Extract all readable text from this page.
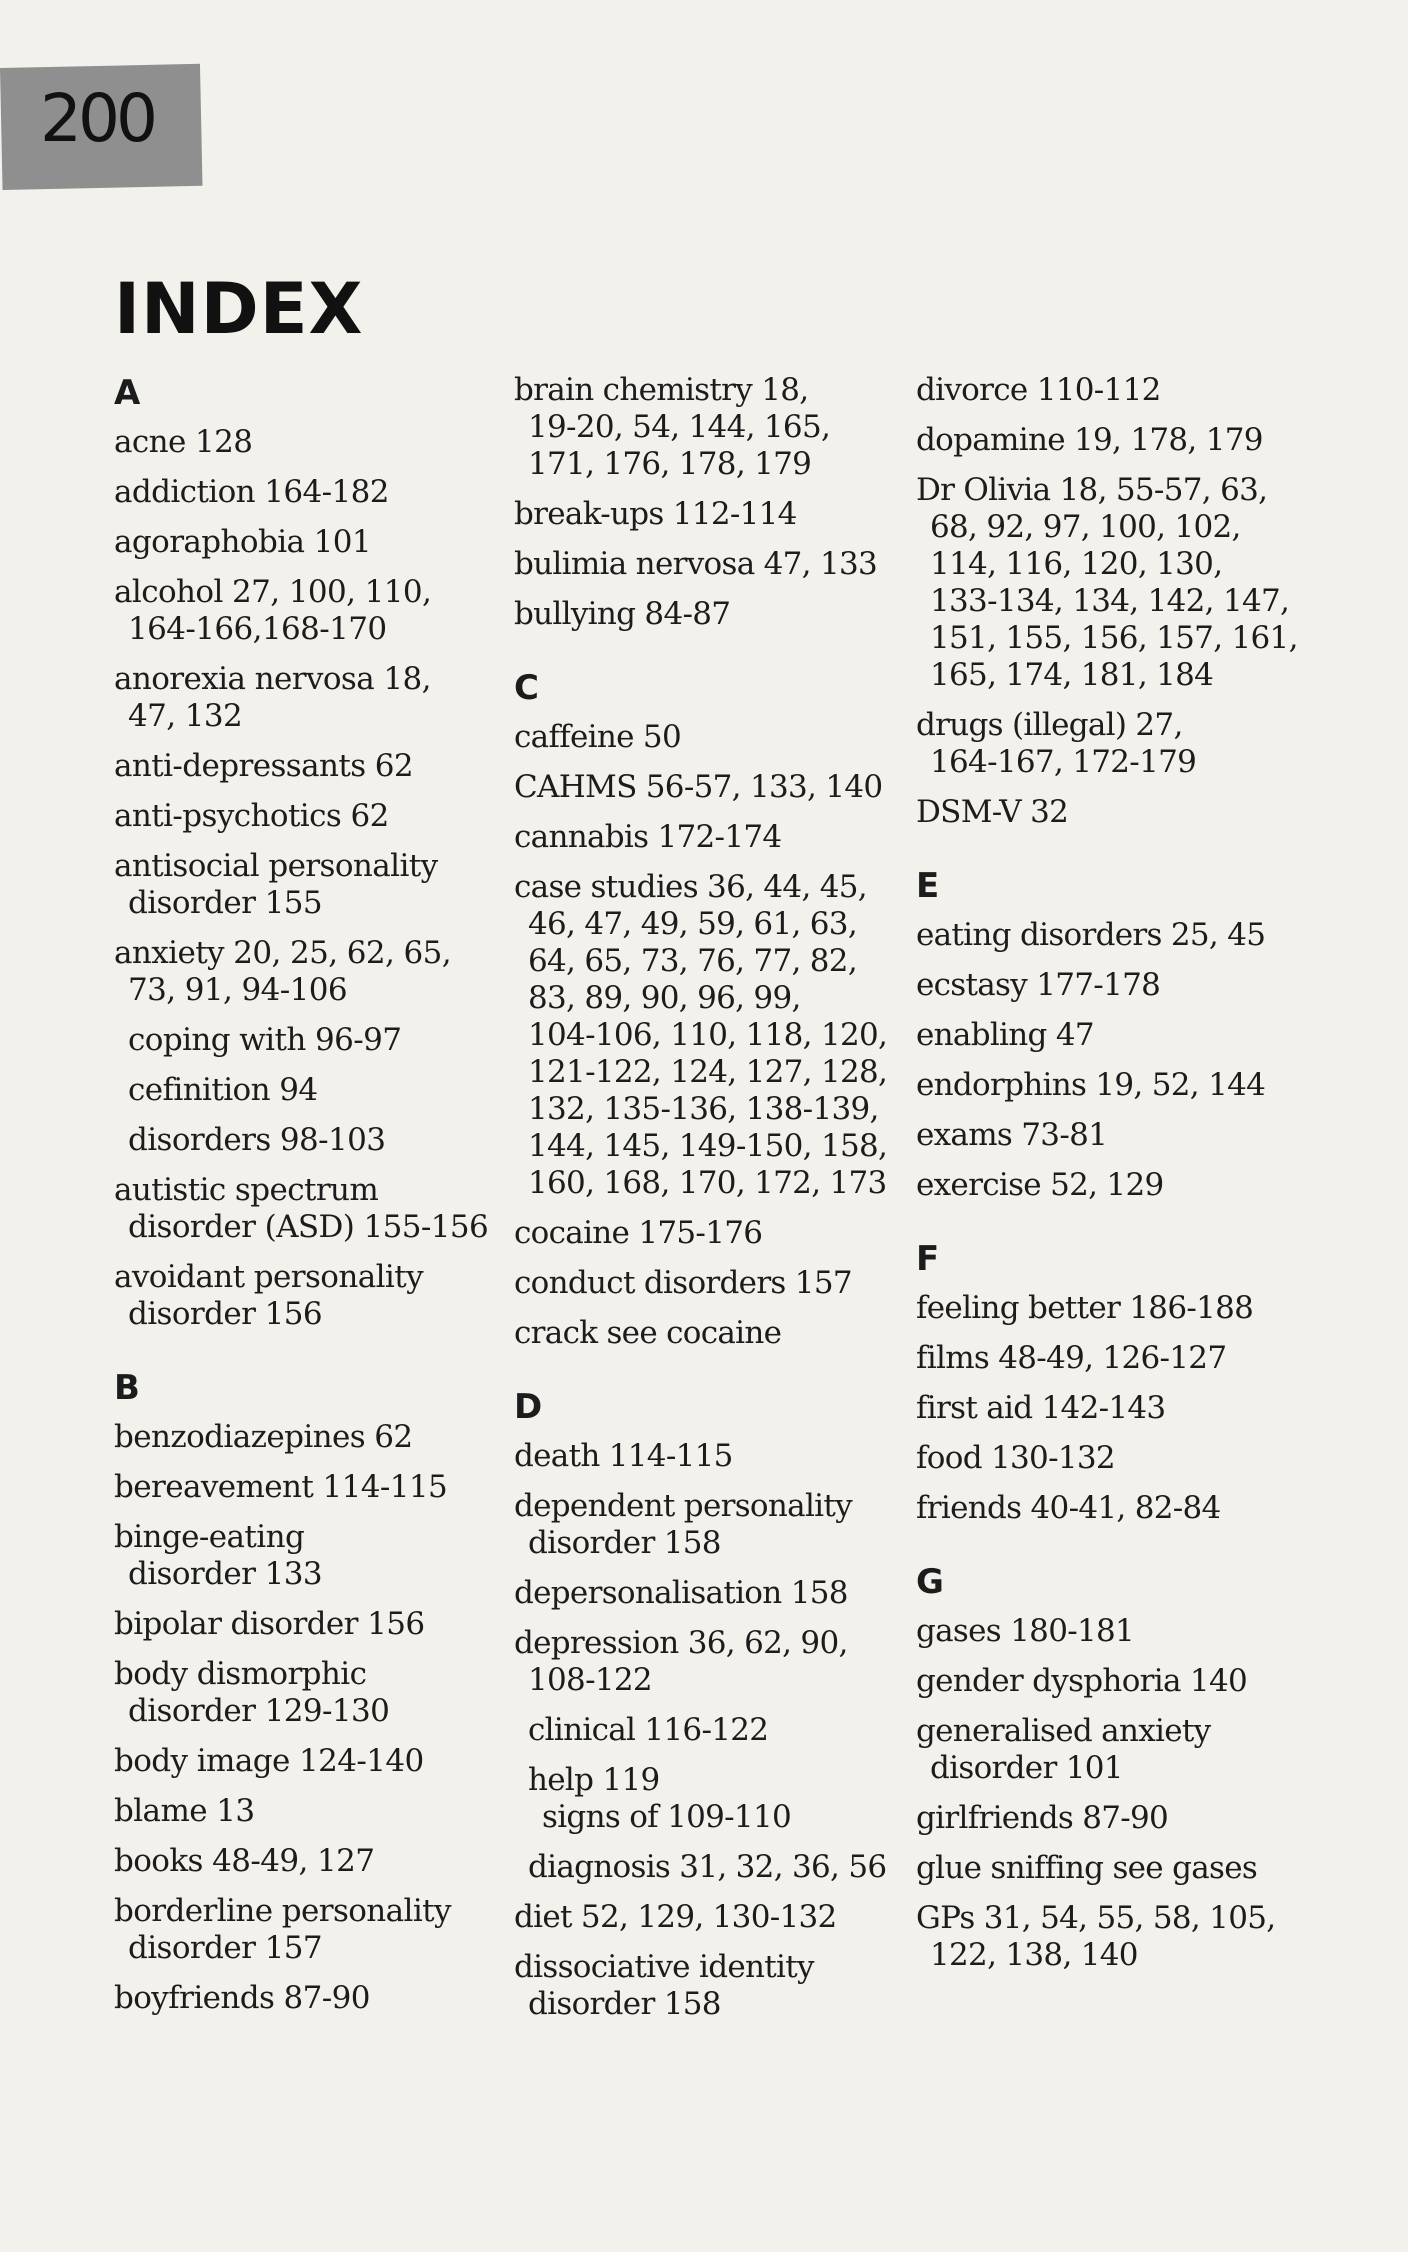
200
INDEX
A
acne 128
addiction 164-182
agoraphobia 101
alcohol 27, 100, 110,
164-166,168-170
anorexia nervosa 18,
47, 132
anti-depressants 62
anti-psychotics 62
antisocial personality
disorder 155
anxiety 20, 25, 62, 65,
73, 91, 94-106
coping with 96-97
cefinition 94
disorders 98-103
autistic spectrum
disorder (ASD) 155-156
avoidant personality
disorder 156
B
benzodiazepines 62
bereavement 114-115
binge-eating
disorder 133
bipolar disorder 156
body dismorphic
disorder 129-130
body image 124-140
blame 13
books 48-49, 127
borderline personality
disorder 157
boyfriends 87-90
brain chemistry 18,
19-20, 54, 144, 165,
171, 176, 178, 179
break-ups 112-114
bulimia nervosa 47, 133
bullying 84-87
C
caffeine 50
CAHMS 56-57, 133, 140
cannabis 172-174
case studies 36, 44, 45,
46, 47, 49, 59, 61, 63,
64, 65, 73, 76, 77, 82,
83, 89, 90, 96, 99,
104-106, 110, 118, 120,
121-122, 124, 127, 128,
132, 135-136, 138-139,
144, 145, 149-150, 158,
160, 168, 170, 172, 173
cocaine 175-176
conduct disorders 157
crack see cocaine
D
death 114-115
dependent personality
disorder 158
depersonalisation 158
depression 36, 62, 90,
108-122
clinical 116-122
help 119
signs of 109-110
diagnosis 31, 32, 36, 56
diet 52, 129, 130-132
dissociative identity
disorder 158
divorce 110-112
dopamine 19, 178, 179
Dr Olivia 18, 55-57, 63,
68, 92, 97, 100, 102,
114, 116, 120, 130,
133-134, 134, 142, 147,
151, 155, 156, 157, 161,
165, 174, 181, 184
drugs (illegal) 27,
164-167, 172-179
DSM-V 32
E
eating disorders 25, 45
ecstasy 177-178
enabling 47
endorphins 19, 52, 144
exams 73-81
exercise 52, 129
F
feeling better 186-188
films 48-49, 126-127
first aid 142-143
food 130-132
friends 40-41, 82-84
G
gases 180-181
gender dysphoria 140
generalised anxiety
disorder 101
girlfriends 87-90
glue sniffing see gases
GPs 31, 54, 55, 58, 105,
122, 138, 140
